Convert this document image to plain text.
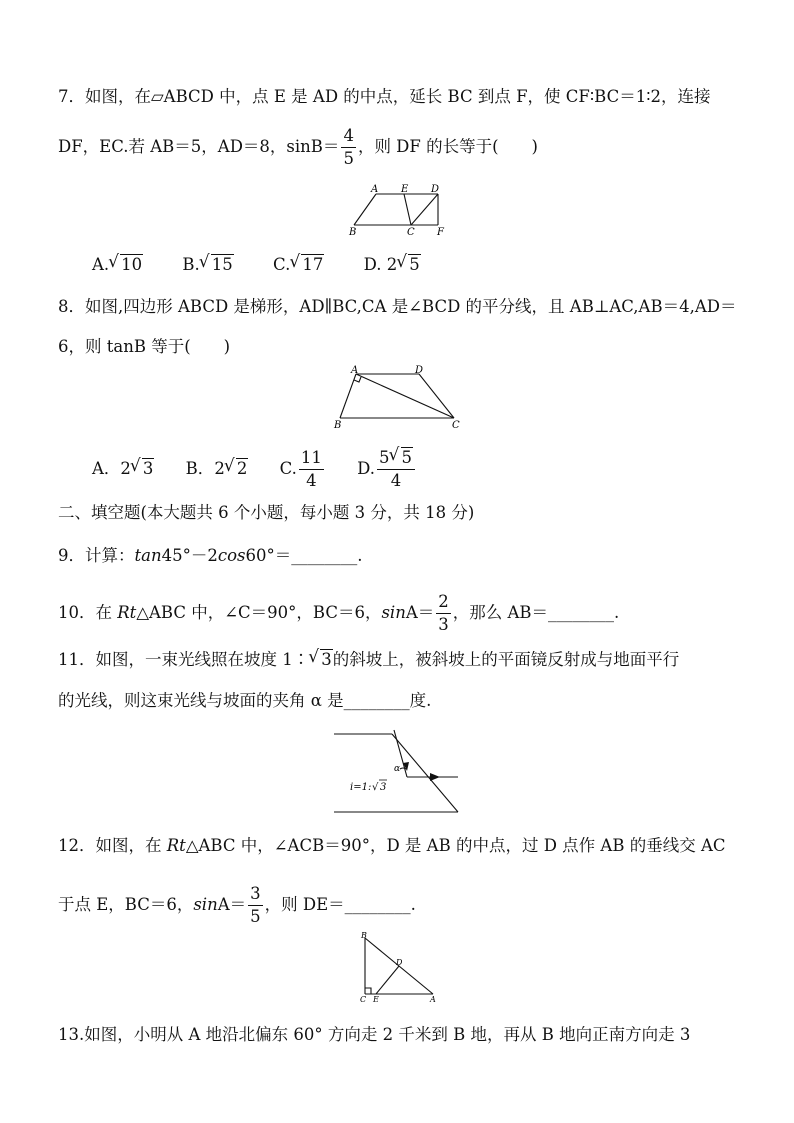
7．如图，在▱ABCD 中，点 E 是 AD 的中点，延长 BC 到点 F，使 CF∶BC＝1∶2，连接
DF，EC.若 AB＝5，AD＝8，$\sin B= \frac{4}{5}$ ，则 DF 的长等于(　　)
A E D
B	C F
A. √ 10 B. √ 15 C. √ 17 D. 2 √ 5
8．如图,四边形 ABCD 是梯形，AD∥BC,CA 是∠BCD 的平分线，且 AB⊥AC,AB＝4,AD＝
6，则 tanB 等于(　　)
A	D
B	C
A．2 √ 3 B．2 √ 2 C. $\frac{11}{4} D$. $\frac{5 √ 5}{4}$
二、填空题(本大题共 6 个小题，每小题 3 分，共 18 分)
9．计算：tan45°－2cos60°＝________.
10．在 Rt△ABC 中，∠C＝90°，BC＝6，$\sin A= \frac{2}{3}$ ，那么 AB＝________.
11．如图，一束光线照在坡度 1∶ √ 3的斜坡上，被斜坡上的平面镜反射成与地面平行
的光线，则这束光线与坡面的夹角 α 是________度.
α
i=1: √ 3
12．如图，在 Rt△ABC 中，∠ACB＝90°，D 是 AB 的中点，过 D 点作 AB 的垂线交 AC
于点 E，BC＝6，$\sin A= \frac{3}{5}$ ，则 DE＝________.
B
D
C E	A
13.如图，小明从 A 地沿北偏东 60° 方向走 2 千米到 B 地，再从 B 地向正南方向走 3
